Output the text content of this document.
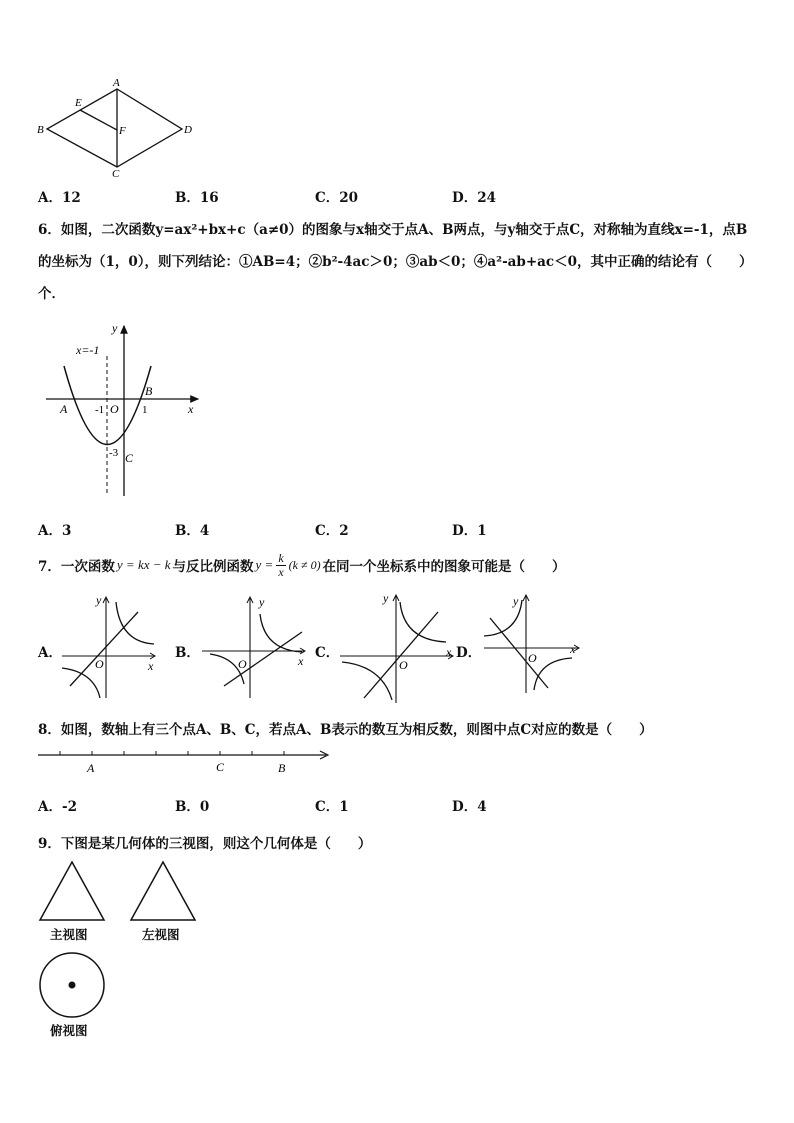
A
E
B	F	D
C
A．12	B．16	C．20	D．24
6．如图，二次函数y=ax²+bx+c（a≠0）的图象与x轴交于点A、B两点，与y轴交于点C，对称轴为直线x=-1，点B
的坐标为（1，0），则下列结论：①AB=4；②b²-4ac＞0；③ab＜0；④a²-ab+ac＜0，其中正确的结论有（　　）
个．
x=-1
y
x
A
B
-1 O 1
-3 C
A．3	B．4	C．2	D．1
7．一次函数 y = kx − k 与反比例函数 $y = \frac{k}{x} (k \ne 0)$ 在同一个坐标系中的图象可能是（　　）
A．
y
x
O
B．
y
x
O
C．
y
x
O
D．
y
x
O
8．如图，数轴上有三个点A、B、C，若点A、B表示的数互为相反数，则图中点C对应的数是（　　）
A	C	B
A．-2	B．0	C．1	D．4
9．下图是某几何体的三视图，则这个几何体是（　　）
主视图	左视图
俯视图
